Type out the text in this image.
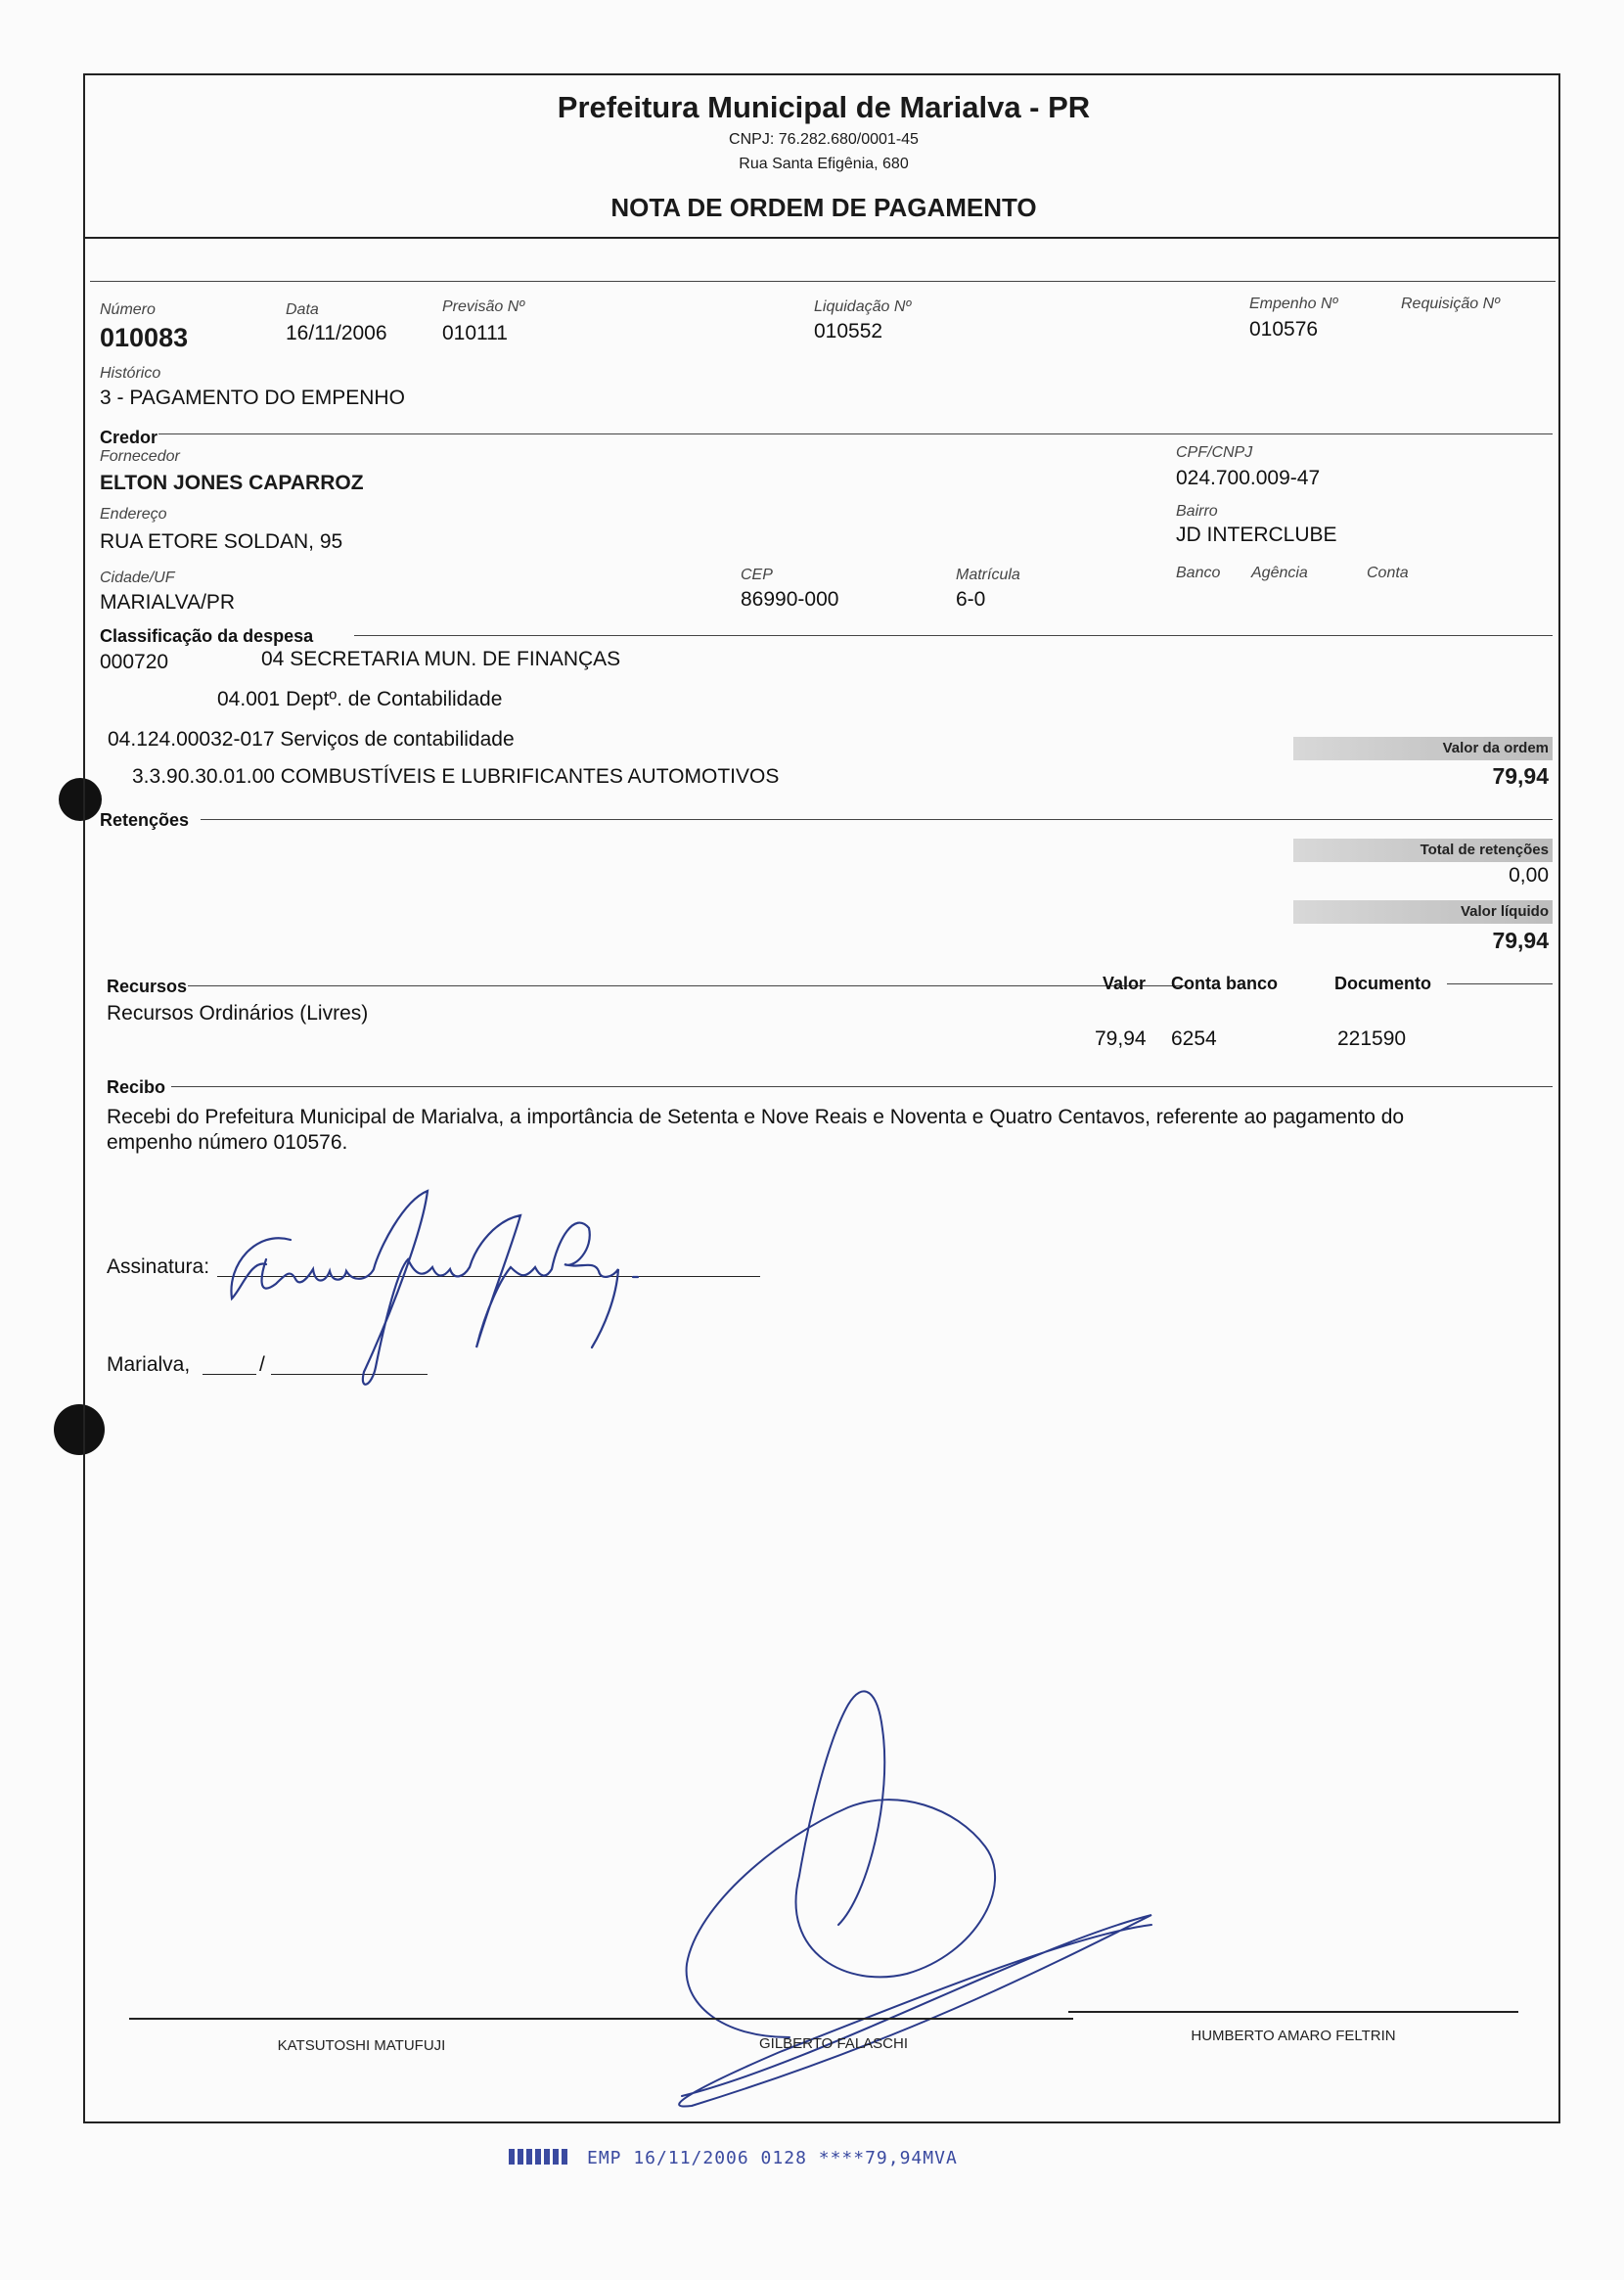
Prefeitura Municipal de Marialva - PR
CNPJ: 76.282.680/0001-45
Rua Santa Efigênia, 680
NOTA DE ORDEM DE PAGAMENTO
Número
010083
Data
16/11/2006
Previsão Nº
010111
Liquidação Nº
010552
Empenho Nº
010576
Requisição Nº
Histórico
3 - PAGAMENTO DO EMPENHO
Credor
Fornecedor
ELTON JONES CAPARROZ
CPF/CNPJ
024.700.009-47
Endereço
RUA ETORE SOLDAN, 95
Bairro
JD INTERCLUBE
Cidade/UF
MARIALVA/PR
CEP
86990-000
Matrícula
6-0
Banco Agência	Conta
Classificação da despesa
000720	04 SECRETARIA MUN. DE FINANÇAS
04.001 Deptº. de Contabilidade
04.124.00032-017 Serviços de contabilidade
3.3.90.30.01.00 COMBUSTÍVEIS E LUBRIFICANTES AUTOMOTIVOS
Valor da ordem
79,94
Retenções
Total de retenções
0,00
Valor líquido
79,94
Recursos	Valor Conta banco	Documento
Recursos Ordinários (Livres)
79,94 6254	221590
Recibo
Recebi do Prefeitura Municipal de Marialva, a importância de Setenta e Nove Reais e Noventa e Quatro Centavos, referente ao pagamento do
empenho número 010576.
Assinatura:
Marialva,	/
KATSUTOSHI MATUFUJI	GILBERTO FALASCHI	HUMBERTO AMARO FELTRIN
EMP 16/11/2006 0128 ****79,94MVA
